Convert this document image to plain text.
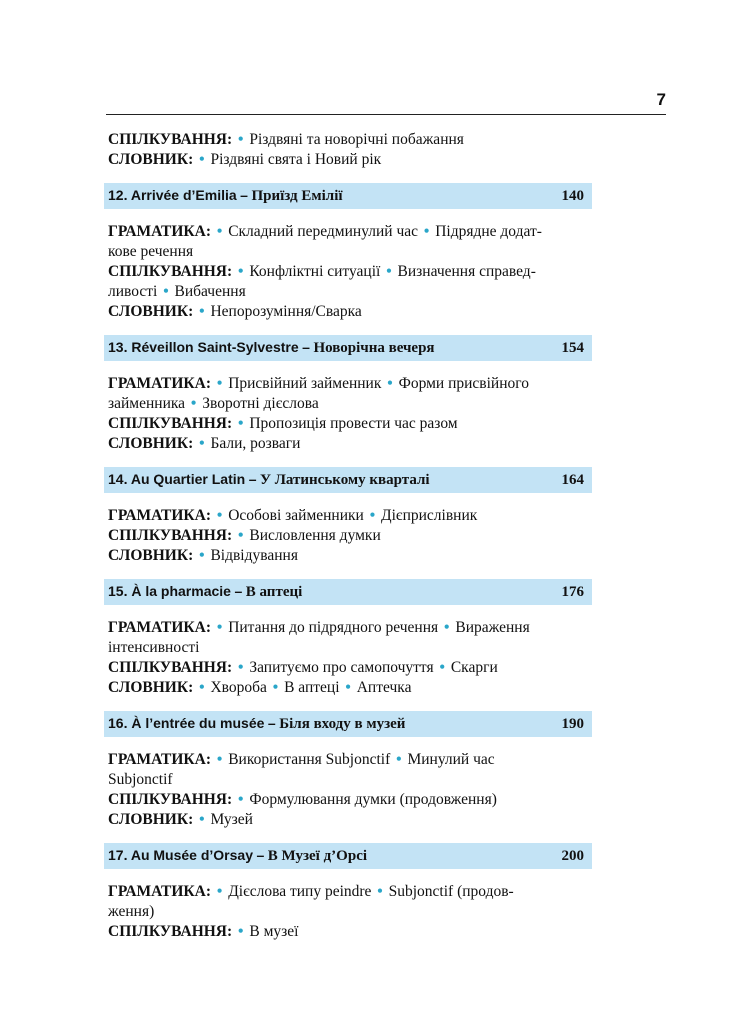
7
СПІЛКУВАННЯ: • Різдвяні та новорічні побажання
СЛОВНИК: • Різдвяні свята і Новий рік
12. Arrivée d’Emilia – Приїзд Емілії	140
ГРАМАТИКА: • Складний передминулий час • Підрядне додат-
кове речення
СПІЛКУВАННЯ: • Конфліктні ситуації • Визначення справед-
ливості • Вибачення
СЛОВНИК: • Непорозуміння/Сварка
13. Réveillon Saint-Sylvestre – Новорічна вечеря	154
ГРАМАТИКА: • Присвійний займенник • Форми присвійного
займенника • Зворотні дієслова
СПІЛКУВАННЯ: • Пропозиція провести час разом
СЛОВНИК: • Бали, розваги
14. Au Quartier Latin – У Латинському кварталі	164
ГРАМАТИКА: • Особові займенники • Дієприслівник
СПІЛКУВАННЯ: • Висловлення думки
СЛОВНИК: • Відвідування
15. À la pharmacie – В аптеці	176
ГРАМАТИКА: • Питання до підрядного речення • Вираження
інтенсивності
СПІЛКУВАННЯ: • Запитуємо про самопочуття • Скарги
СЛОВНИК: • Хвороба • В аптеці • Аптечка
16. À l’entrée du musée – Біля входу в музей	190
ГРАМАТИКА: • Використання Subjonctif • Минулий час
Subjonctif
СПІЛКУВАННЯ: • Формулювання думки (продовження)
СЛОВНИК: • Музей
17. Au Musée d’Orsay – В Музеї д’Орсі	200
ГРАМАТИКА: • Дієслова типу peindre • Subjonctif (продов-
ження)
СПІЛКУВАННЯ: • В музеї
